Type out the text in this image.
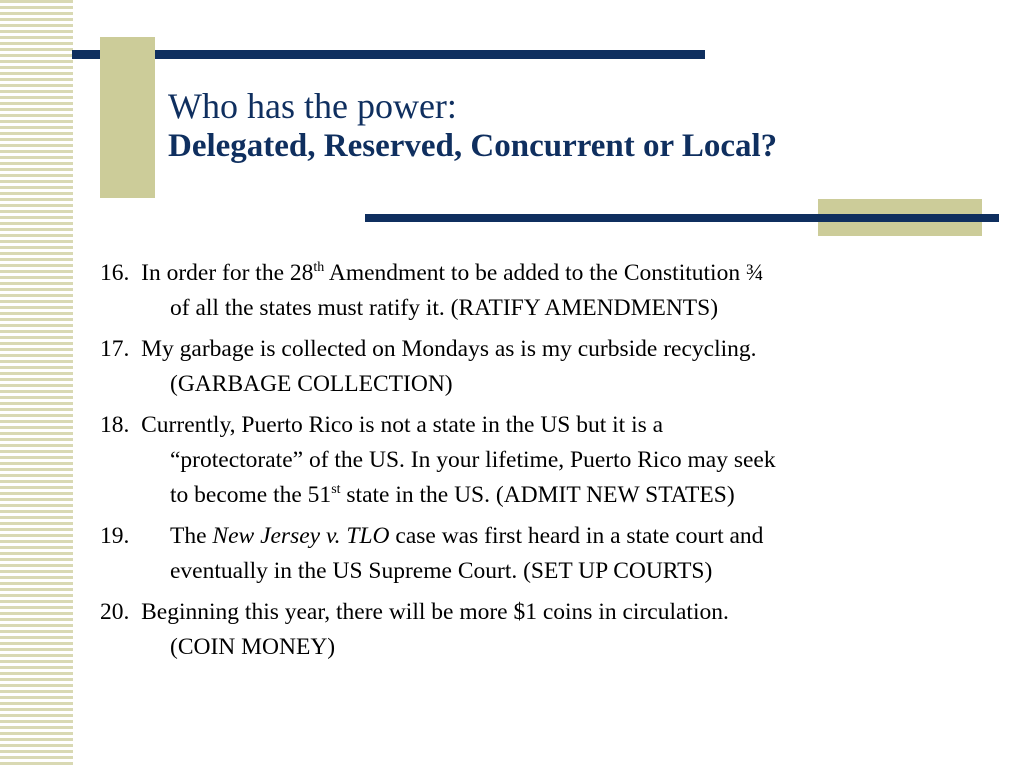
Who has the power:
Delegated, Reserved, Concurrent or Local?
16. In order for the 28th Amendment to be added to the Constitution ¾
of all the states must ratify it. (RATIFY AMENDMENTS)
17. My garbage is collected on Mondays as is my curbside recycling.
(GARBAGE COLLECTION)
18. Currently, Puerto Rico is not a state in the US but it is a
“protectorate” of the US. In your lifetime, Puerto Rico may seek
to become the 51st state in the US. (ADMIT NEW STATES)
19. The New Jersey v. TLO case was first heard in a state court and
eventually in the US Supreme Court. (SET UP COURTS)
20. Beginning this year, there will be more $1 coins in circulation.
(COIN MONEY)
